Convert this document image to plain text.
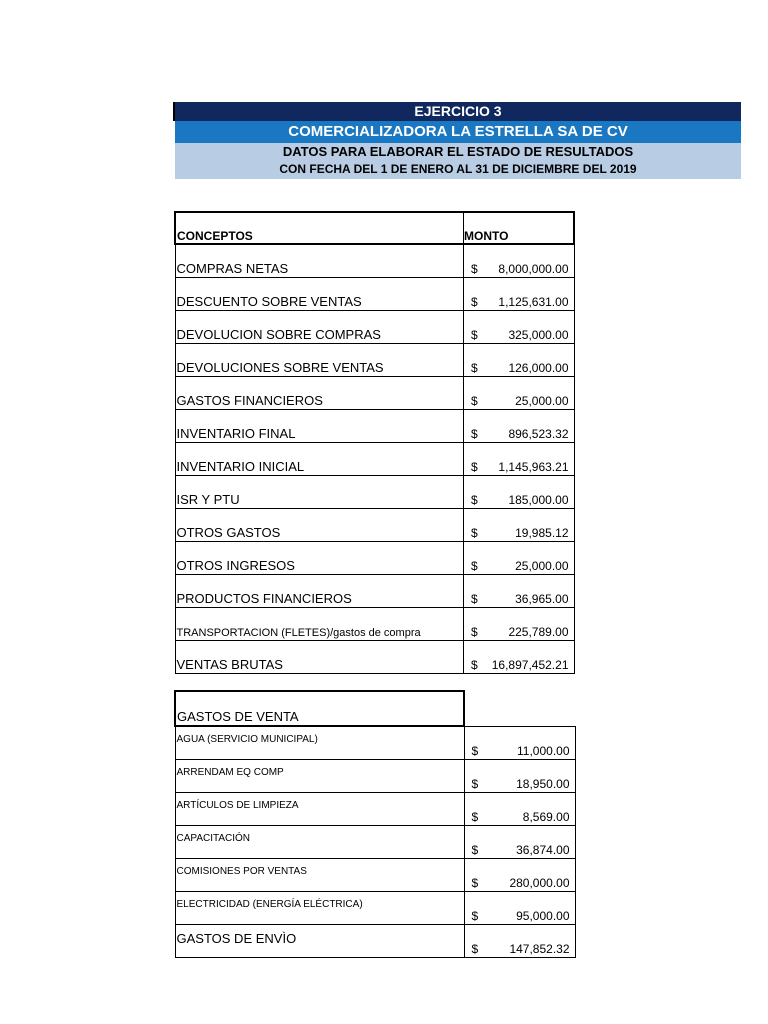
EJERCICIO 3
COMERCIALIZADORA LA ESTRELLA SA DE CV
DATOS PARA ELABORAR EL ESTADO DE RESULTADOS
CON FECHA DEL 1 DE ENERO AL 31 DE DICIEMBRE DEL 2019
CONCEPTOS	MONTO
COMPRAS NETAS	$ 8,000,000.00

DESCUENTO SOBRE VENTAS	$ 1,125,631.00

DEVOLUCION SOBRE COMPRAS	$ 325,000.00

DEVOLUCIONES SOBRE VENTAS	$ 126,000.00

GASTOS FINANCIEROS	$ 25,000.00

INVENTARIO FINAL	$ 896,523.32

INVENTARIO INICIAL	$ 1,145,963.21

ISR Y PTU	$ 185,000.00

OTROS GASTOS	$ 19,985.12

OTROS INGRESOS	$ 25,000.00

PRODUCTOS FINANCIEROS	$ 36,965.00

TRANSPORTACION (FLETES)/gastos de compra	$ 225,789.00

VENTAS BRUTAS	$ 16,897,452.21
GASTOS DE VENTA	
AGUA (SERVICIO MUNICIPAL)	$ 11,000.00

ARRENDAM EQ COMP	$ 18,950.00

ARTÍCULOS DE LIMPIEZA	$ 8,569.00

CAPACITACIÓN	$ 36,874.00

COMISIONES POR VENTAS	$ 280,000.00

ELECTRICIDAD (ENERGÍA ELÉCTRICA)	$ 95,000.00

GASTOS DE ENVÌO	$ 147,852.32
